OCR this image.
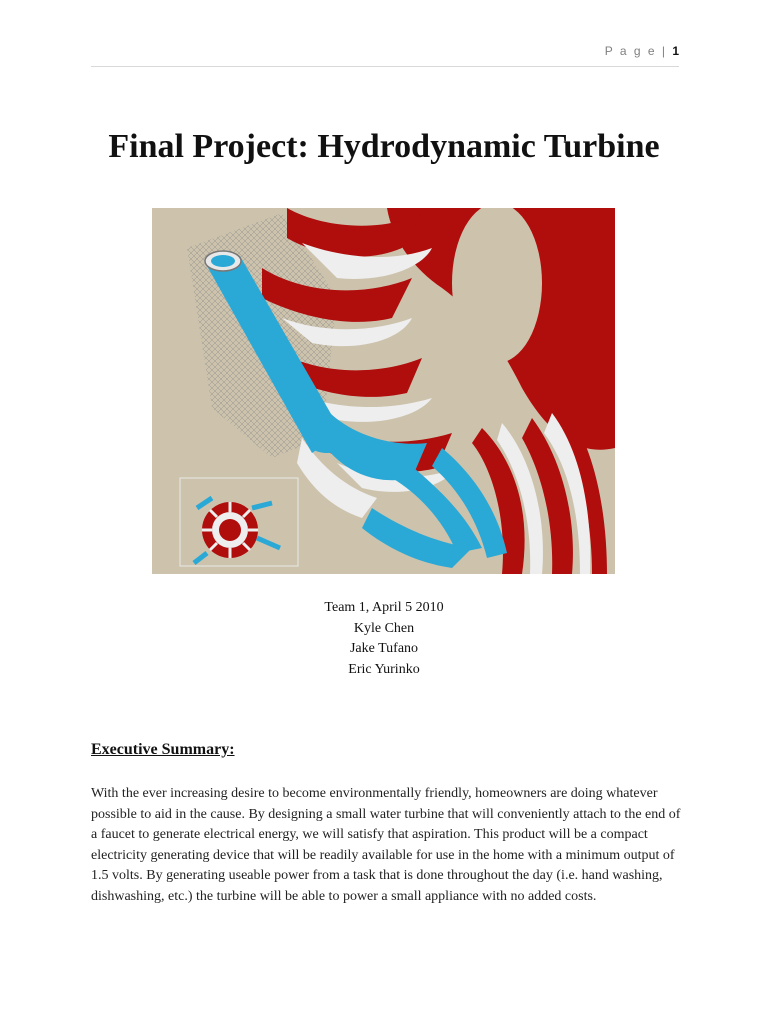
P a g e | 1
Final Project: Hydrodynamic Turbine
Team 1, April 5 2010
Kyle Chen
Jake Tufano
Eric Yurinko
Executive Summary:

With the ever increasing desire to become environmentally friendly, homeowners are doing whatever possible to aid in the cause. By designing a small water turbine that will conveniently attach to the end of a faucet to generate electrical energy, we will satisfy that aspiration. This product will be a compact electricity generating device that will be readily available for use in the home with a minimum output of 1.5 volts. By generating useable power from a task that is done throughout the day (i.e. hand washing, dishwashing, etc.) the turbine will be able to power a small appliance with no added costs.
